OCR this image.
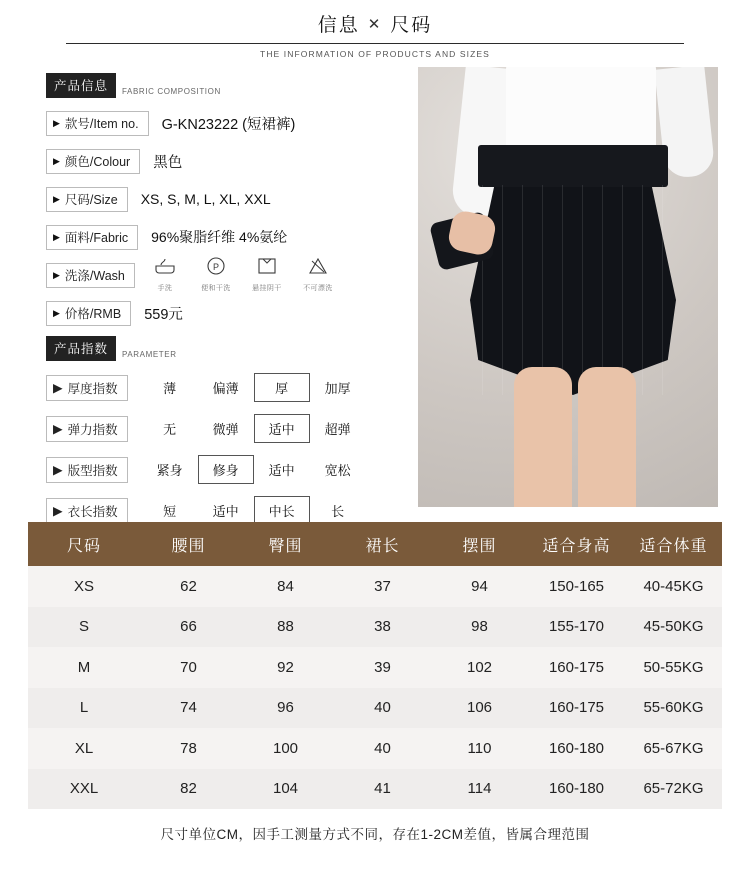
信息 ✕ 尺码
THE INFORMATION OF PRODUCTS AND SIZES
产品信息	FABRIC COMPOSITION
▶ 款号/Item no. G-KN23222 (短裙裤)
▶ 颜色/Colour 黑色
▶ 尺码/Size XS, S, M, L, XL, XXL
▶ 面料/Fabric 96%聚脂纤维 4%氨纶
▶ 洗涤/Wash
手洗
P
便和干洗	悬挂阴干	不可漂洗
▶ 价格/RMB 559元
产品指数	PARAMETER
▶ 厚度指数	薄	偏薄	厚	加厚
▶ 弹力指数	无	微弹	适中	超弹
▶ 版型指数	紧身	修身	适中	宽松
▶ 衣长指数	短	适中	中长	长
尺码	腰围	臀围	裙长	摆围	适合身高	适合体重
XS	62	84	37	94	150-165	40-45KG
S	66	88	38	98	155-170	45-50KG
M	70	92	39	102	160-175	50-55KG
L	74	96	40	106	160-175	55-60KG
XL	78	100	40	110	160-180	65-67KG
XXL	82	104	41	114	160-180	65-72KG
尺寸单位CM，因手工测量方式不同，存在1-2CM差值，皆属合理范围
